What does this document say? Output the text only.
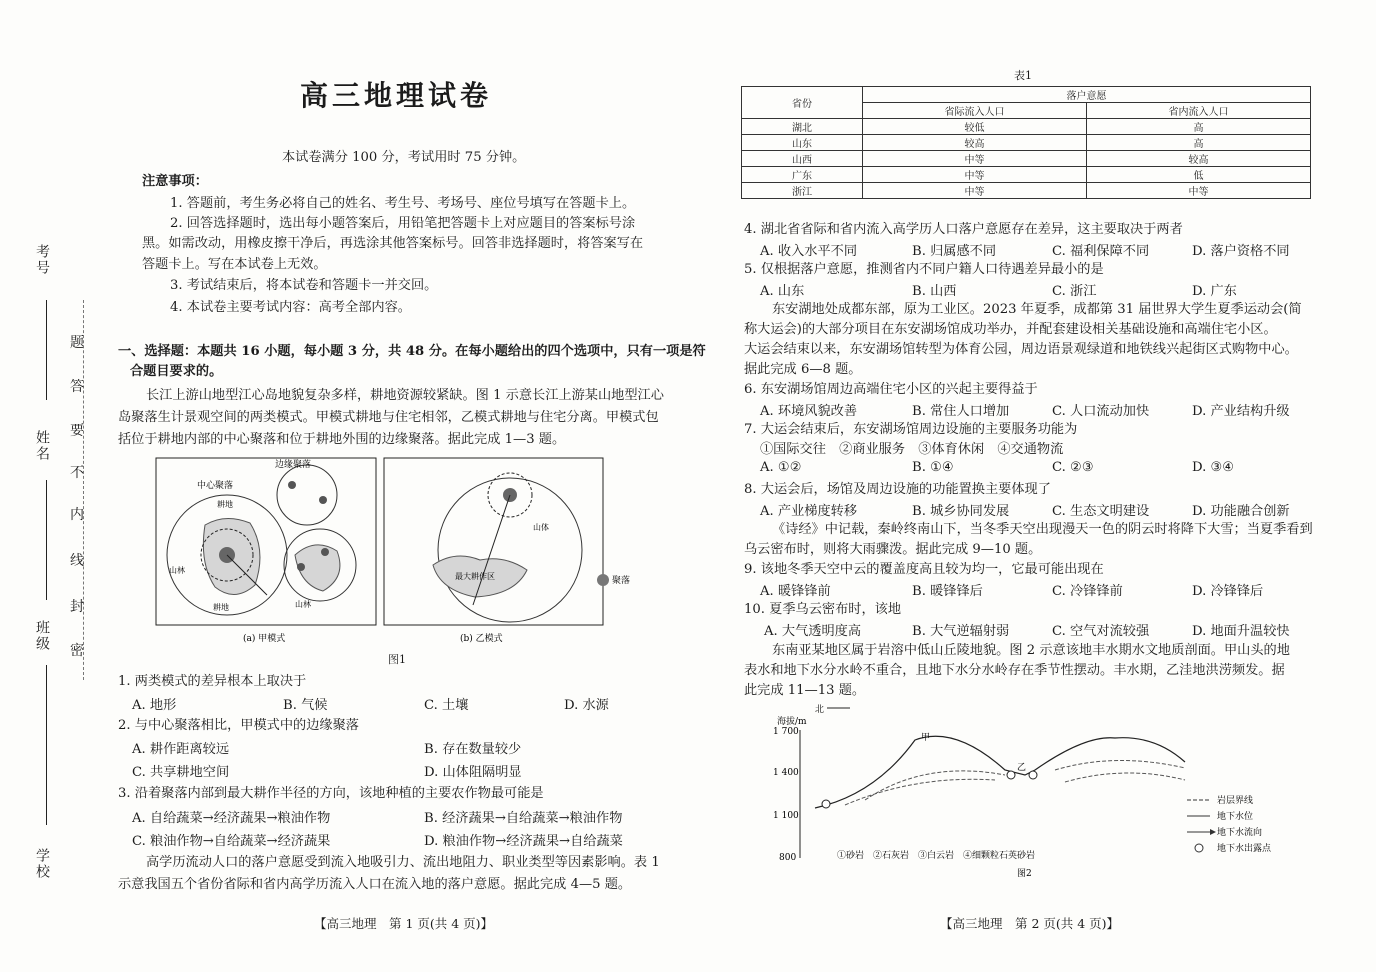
考号
姓名
班级
学校
题
答
要
不
内
线
封
密
高三地理试卷
本试卷满分 100 分，考试用时 75 分钟。
注意事项：
1. 答题前，考生务必将自己的姓名、考生号、考场号、座位号填写在答题卡上。
2. 回答选择题时，选出每小题答案后，用铅笔把答题卡上对应题目的答案标号涂
黑。如需改动，用橡皮擦干净后，再选涂其他答案标号。回答非选择题时，将答案写在
答题卡上。写在本试卷上无效。
3. 考试结束后，将本试卷和答题卡一并交回。
4. 本试卷主要考试内容：高考全部内容。
一、选择题：本题共 16 小题，每小题 3 分，共 48 分。在每小题给出的四个选项中，只有一项是符
合题目要求的。
长江上游山地型江心岛地貌复杂多样，耕地资源较紧缺。图 1 示意长江上游某山地型江心
岛聚落生计景观空间的两类模式。甲模式耕地与住宅相邻，乙模式耕地与住宅分离。甲模式包
括位于耕地内部的中心聚落和位于耕地外围的边缘聚落。据此完成 1—3 题。
中心聚落
边缘聚落
耕地
山林
山林
耕地
最大耕作区
山体
聚落
(a) 甲模式	(b) 乙模式
图1
1. 两类模式的差异根本上取决于
A. 地形	B. 气候	C. 土壤	D. 水源
2. 与中心聚落相比，甲模式中的边缘聚落
A. 耕作距离较远	B. 存在数量较少
C. 共享耕地空间	D. 山体阻隔明显
3. 沿着聚落内部到最大耕作半径的方向，该地种植的主要农作物最可能是
A. 自给蔬菜→经济蔬果→粮油作物	B. 经济蔬果→自给蔬菜→粮油作物
C. 粮油作物→自给蔬菜→经济蔬果	D. 粮油作物→经济蔬果→自给蔬菜
高学历流动人口的落户意愿受到流入地吸引力、流出地阻力、职业类型等因素影响。表 1
示意我国五个省份省际和省内高学历流入人口在流入地的落户意愿。据此完成 4—5 题。
【高三地理　第 1 页(共 4 页)】
表1
省份	落户意愿	
	省际流入人口	省内流入人口
湖北	较低	高
山东	较高	高
山西	中等	较高
广东	中等	低
浙江	中等	中等
4. 湖北省省际和省内流入高学历人口落户意愿存在差异，这主要取决于两者
A. 收入水平不同	B. 归属感不同	C. 福利保障不同	D. 落户资格不同
5. 仅根据落户意愿，推测省内不同户籍人口待遇差异最小的是
A. 山东	B. 山西	C. 浙江	D. 广东
东安湖地处成都东部，原为工业区。2023 年夏季，成都第 31 届世界大学生夏季运动会(简
称大运会)的大部分项目在东安湖场馆成功举办，并配套建设相关基础设施和高端住宅小区。
大运会结束以来，东安湖场馆转型为体育公园，周边语景观绿道和地铁线兴起街区式购物中心。
据此完成 6—8 题。
6. 东安湖场馆周边高端住宅小区的兴起主要得益于
A. 环境风貌改善	B. 常住人口增加	C. 人口流动加快	D. 产业结构升级
7. 大运会结束后，东安湖场馆周边设施的主要服务功能为
①国际交往　②商业服务　③体育休闲　④交通物流
A. ①②	B. ①④	C. ②③	D. ③④
8. 大运会后，场馆及周边设施的功能置换主要体现了
A. 产业梯度转移	B. 城乡协同发展	C. 生态文明建设	D. 功能融合创新
《诗经》中记载，秦岭终南山下，当冬季天空出现漫天一色的阴云时将降下大雪；当夏季看到
乌云密布时，则将大雨骤泼。据此完成 9—10 题。
9. 该地冬季天空中云的覆盖度高且较为均一，它最可能出现在
A. 暖锋锋前	B. 暖锋锋后	C. 冷锋锋前	D. 冷锋锋后
10. 夏季乌云密布时，该地
A. 大气透明度高	B. 大气逆辐射弱	C. 空气对流较强	D. 地面升温较快
东南亚某地区属于岩溶中低山丘陵地貌。图 2 示意该地丰水期水文地质剖面。甲山头的地
表水和地下水分水岭不重合，且地下水分水岭存在季节性摆动。丰水期，乙洼地洪涝频发。据
此完成 11—13 题。
北
海拔/m
1 700
1 400
1 100
800
甲
乙
①砂岩　②石灰岩　③白云岩　④细颗粒石英砂岩
岩层界线
地下水位
地下水流向
地下水出露点
图2
【高三地理　第 2 页(共 4 页)】
